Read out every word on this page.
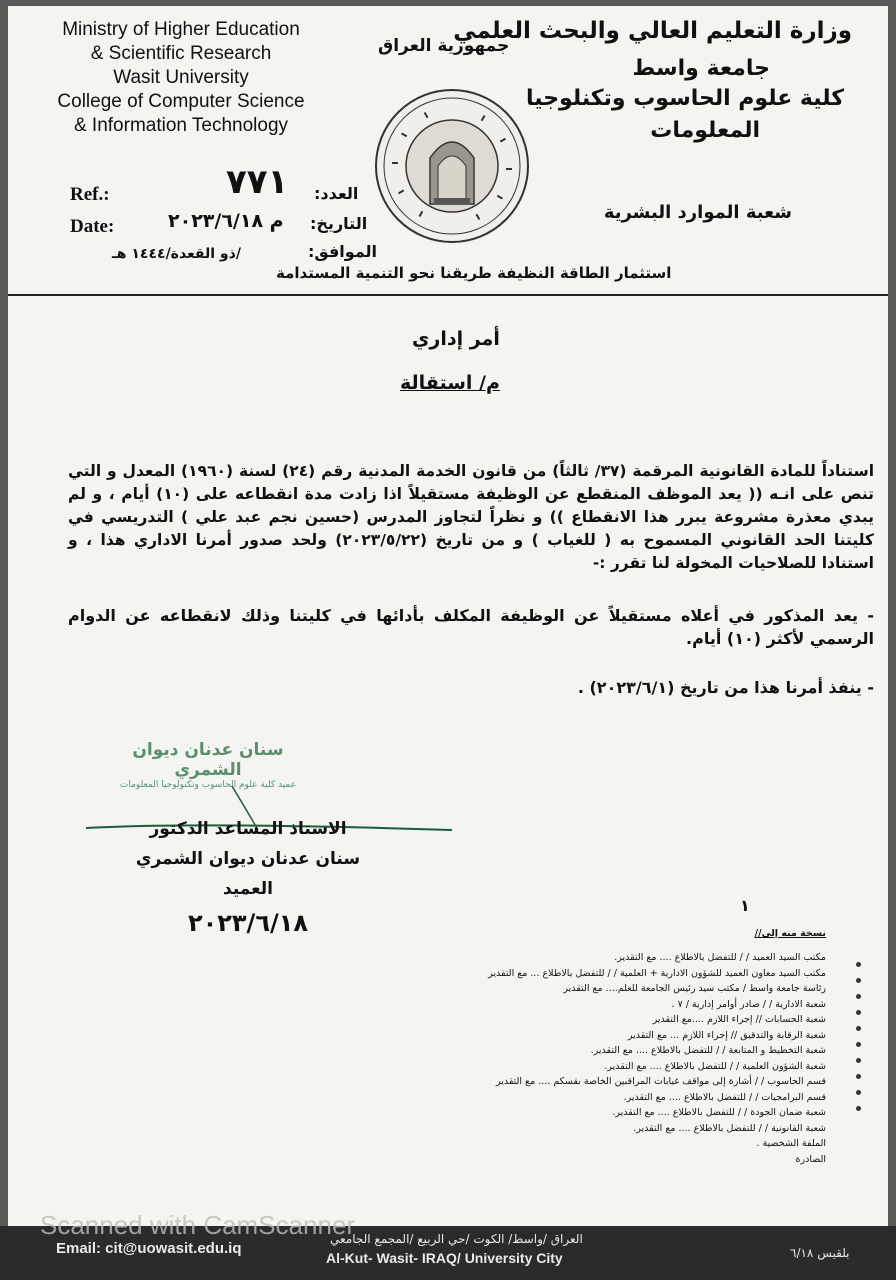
Ministry of Higher Education
& Scientific Research
Wasit University
College of Computer Science
& Information Technology
وزارة التعليم العالي والبحث العلمي
جمهورية العراق
جامعة واسط
كلية علوم الحاسوب وتكنلوجيا
المعلومات
شعبة الموارد البشرية
Ref.:
Date:
العدد:
٧٧١
التاريخ:
م ٢٠٢٣/٦/١٨
الموافق:
/ذو القعدة/١٤٤٤ هـ
استثمار الطاقة النظيفة طريقنا نحو التنمية المستدامة
أمر إداري
م/ استقالة
استناداً للمادة القانونية المرقمة (٣٧/ ثالثاً) من قانون الخدمة المدنية رقم (٢٤) لسنة (١٩٦٠) المعدل و التي تنص على انـه (( يعد الموظف المنقطع عن الوظيفة مستقيلاً اذا زادت مدة انقطاعه على (١٠) أيام ، و لم يبدي معذرة مشروعة يبرر هذا الانقطاع )) و نظراً لتجاوز المدرس (حسين نجم عبد علي ) التدريسي في كليتنا الحد القانوني المسموح به ( للغياب ) و من تاريخ (٢٠٢٣/٥/٢٢) ولحد صدور أمرنا الاداري هذا ، و استنادا للصلاحيات المخولة لنا تقرر :-
- يعد المذكور في أعلاه مستقيلاً عن الوظيفة المكلف بأدائها في كليتنا وذلك لانقطاعه عن الدوام الرسمي لأكثر (١٠) أيام.
- ينفذ أمرنا هذا من تاريخ (٢٠٢٣/٦/١) .
سنان عدنان ديوان الشمري
عميد كلية علوم الحاسوب وتكنولوجيا المعلومات
الاستاذ المساعد الدكتور
سنان عدنان ديوان الشمري
العميد
٢٠٢٣/٦/١٨
١
نسخة منه إلى//
مكتب السيد العميد / / للتفضل بالاطلاع .... مع التقدير.
مكتب السيد معاون العميد للشؤون الادارية + العلمية / / للتفضل بالاطلاع ... مع التقدير
رئاسة جامعة واسط / مكتب سيد رئيس الجامعة للعلم.... مع التقدير
شعبة الادارية / / صادر أوامر إدارية / ٧ .
شعبة الحسابات // إجراء اللازم ....مع التقدير
شعبة الرقابة والتدقيق // إجراء اللازم ... مع التقدير
شعبة التخطيط و المتابعة / / للتفضل بالاطلاع .... مع التقدير.
شعبة الشؤون العلمية / / للتفضل بالاطلاع .... مع التقدير.
قسم الحاسوب / / أشارة إلى مواقف غيابات المراقبين الخاصة بقسكم .... مع التقدير
قسم البرامجيات / / للتفضل بالاطلاع .... مع التقدير.
شعبة ضمان الجودة / / للتفضل بالاطلاع .... مع التقدير.
شعبة القانونية / / للتفضل بالاطلاع .... مع التقدير.
الملفة الشخصية .
الصادرة
Scanned with CamScanner
Email: cit@uowasit.edu.iq
العراق /واسط/ الكوت /حي الربيع /المجمع الجامعي
Al-Kut- Wasit- IRAQ/ University City	بلقيس ٦/١٨
